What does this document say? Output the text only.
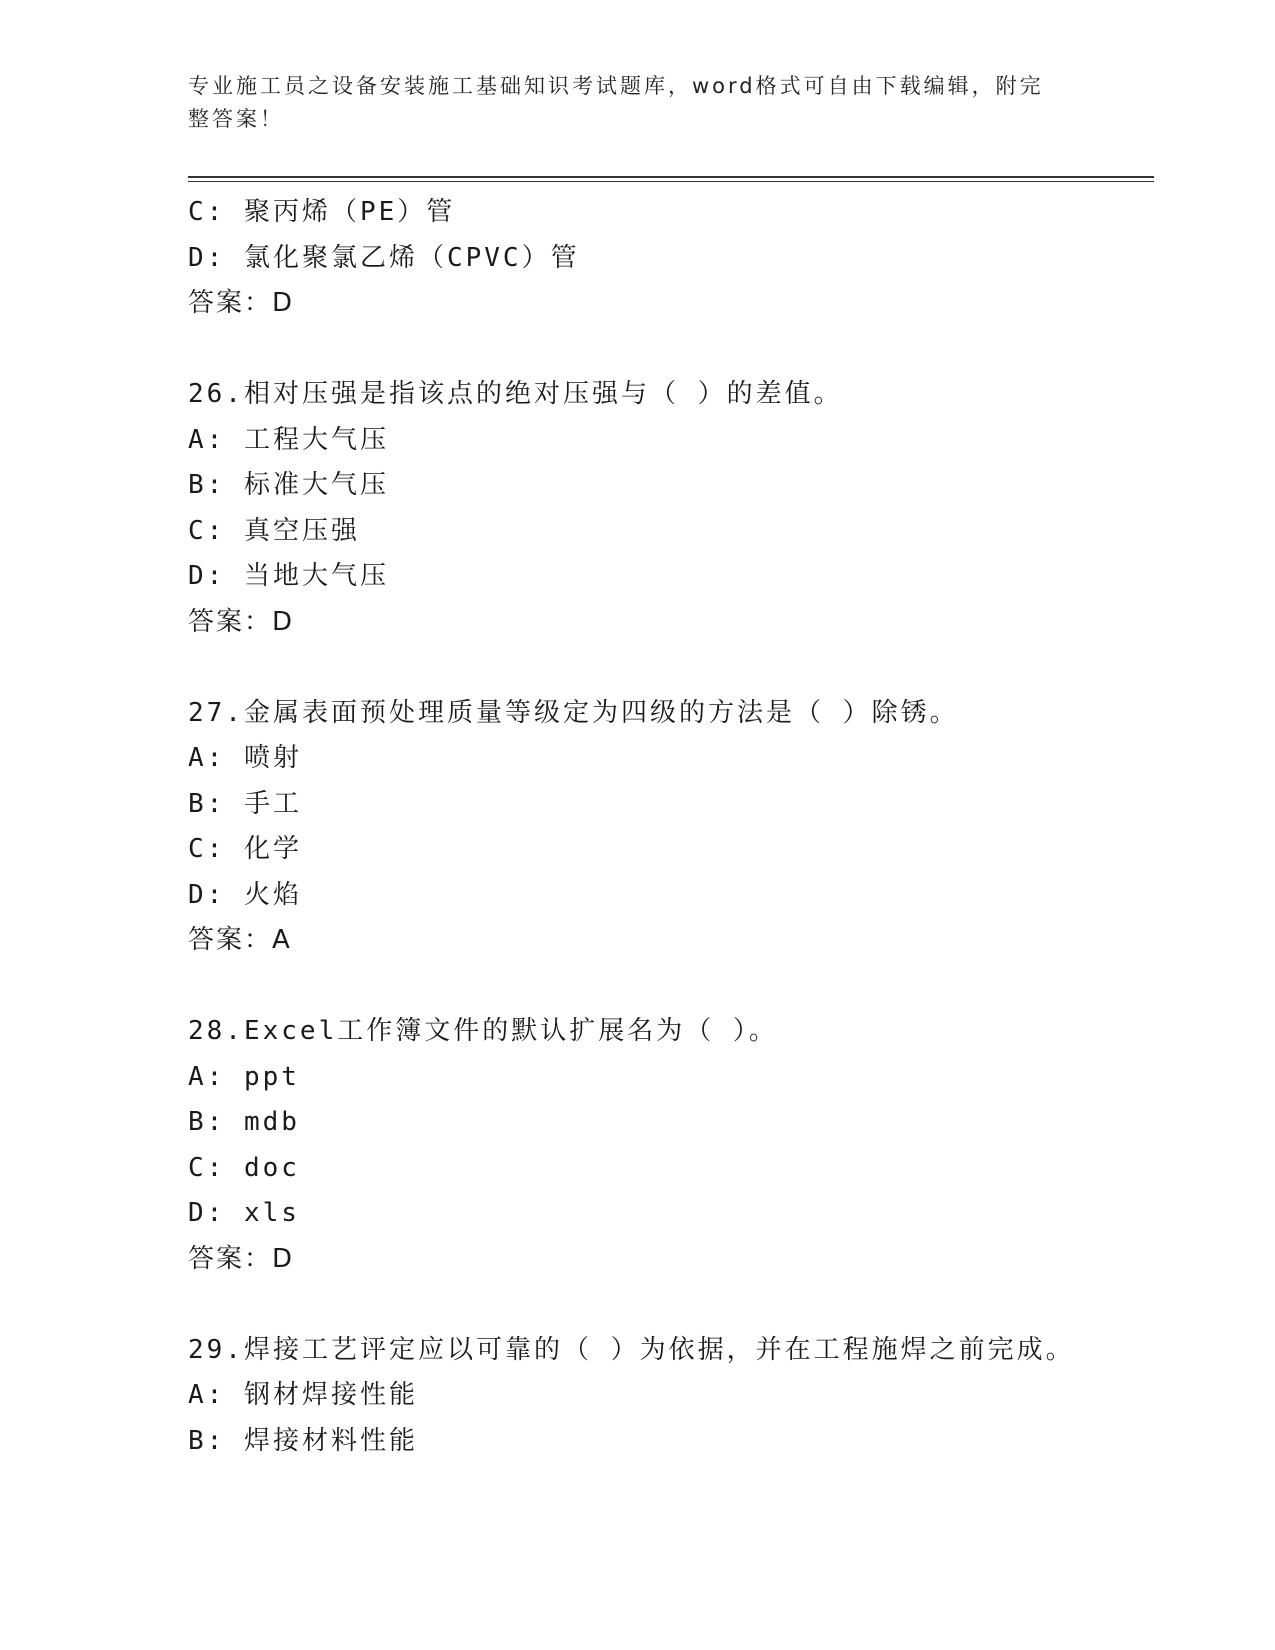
专业施工员之设备安装施工基础知识考试题库，word格式可自由下载编辑，附完
整答案！
C: 聚丙烯（PE）管
D: 氯化聚氯乙烯（CPVC）管
答案：D
26.相对压强是指该点的绝对压强与（ ）的差值。
A: 工程大气压
B: 标准大气压
C: 真空压强
D: 当地大气压
答案：D
27.金属表面预处理质量等级定为四级的方法是（ ）除锈。
A: 喷射
B: 手工
C: 化学
D: 火焰
答案：A
28.Excel工作簿文件的默认扩展名为（ ）。
A: ppt
B: mdb
C: doc
D: xls
答案：D
29.焊接工艺评定应以可靠的（ ）为依据，并在工程施焊之前完成。
A: 钢材焊接性能
B: 焊接材料性能
